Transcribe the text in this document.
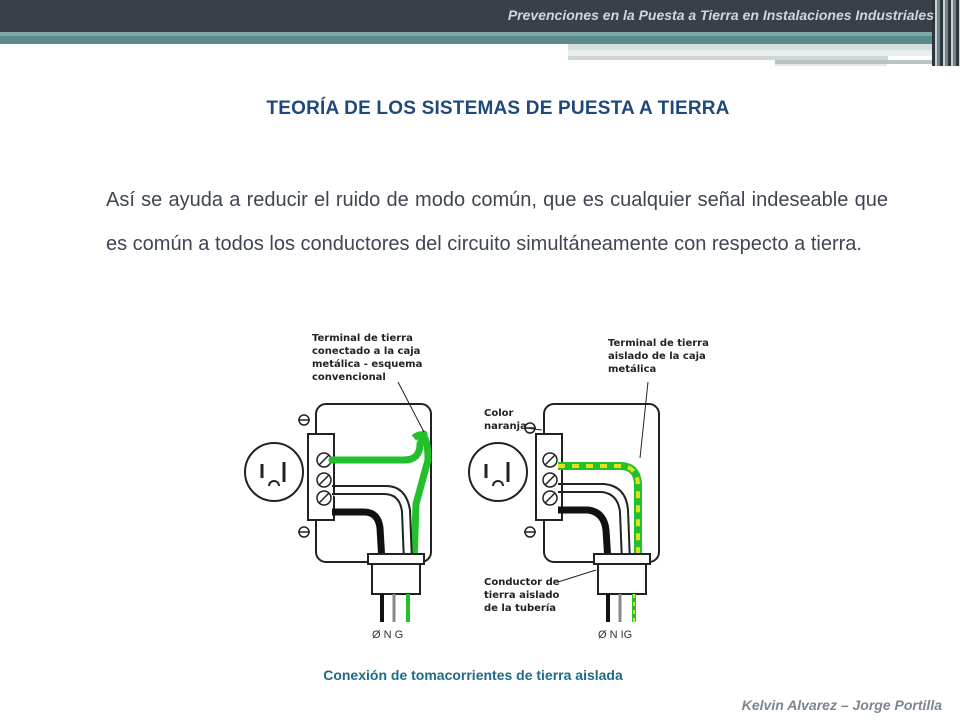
Prevenciones en la Puesta a Tierra en Instalaciones Industriales
TEORÍA DE LOS SISTEMAS DE PUESTA A TIERRA
Así se ayuda a reducir el ruido de modo común, que es cualquier señal indeseable que es común a todos los conductores del circuito simultáneamente con respecto a tierra.
Terminal de tierra
conectado a la caja
metálica - esquema
convencional
Ø N G
Terminal de tierra
aislado de la caja
metálica
Color
naranja
Conductor de
tierra aislado
de la tubería
Ø N IG
Conexión de tomacorrientes de tierra aislada
Kelvin Alvarez – Jorge Portilla
